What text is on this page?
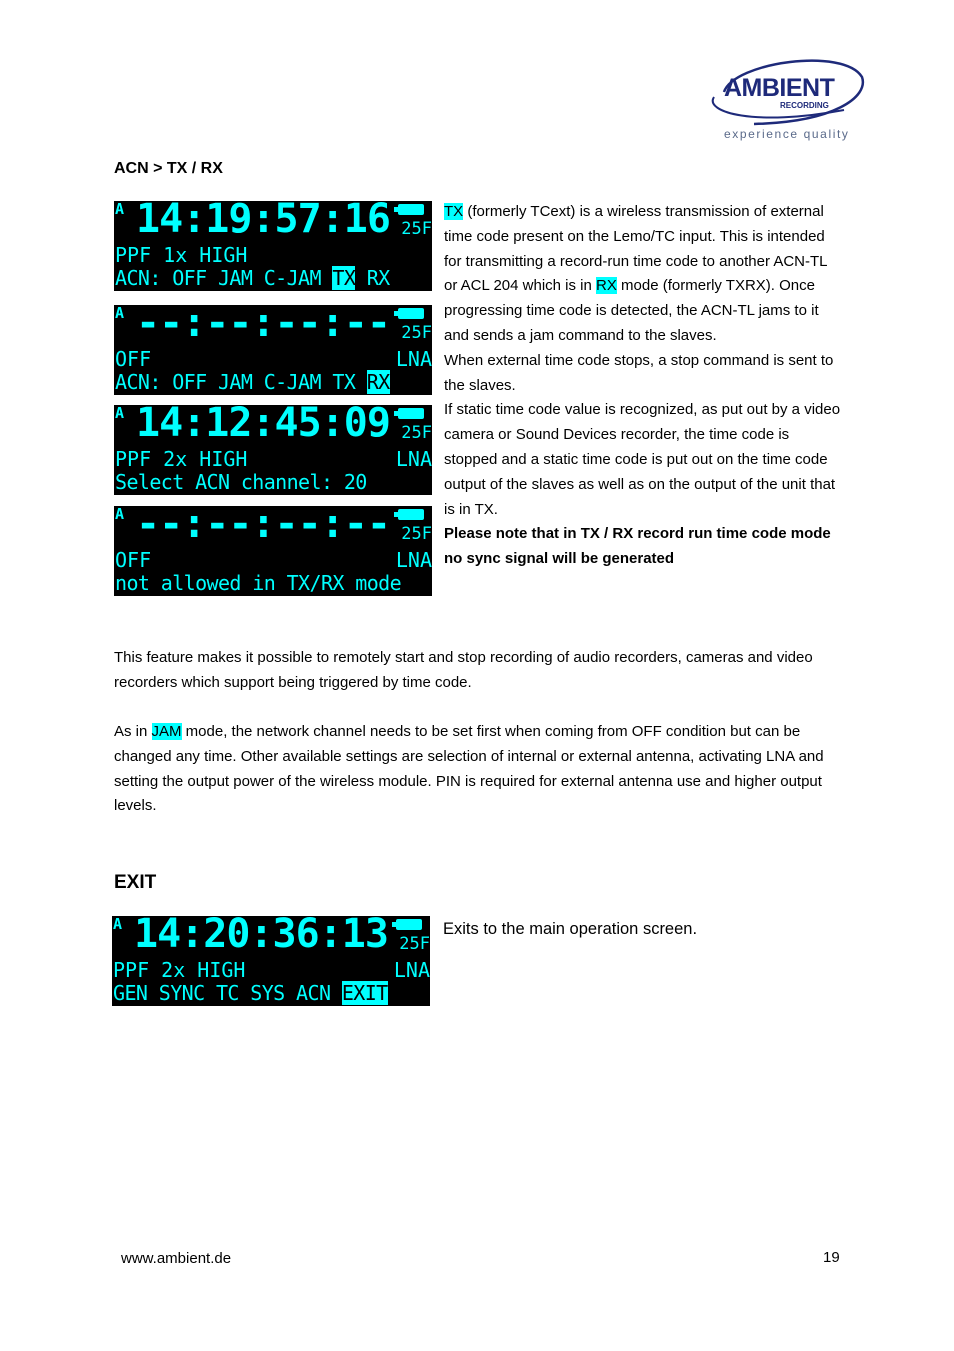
AMBIENT
RECORDING
experience quality
ACN > TX / RX
A 14:19:57:16 25F
PPF 1x HIGH
ACN: OFF JAM C-JAM TX RX
A --:--:--:-- 25F
OFF	LNA
ACN: OFF JAM C-JAM TX RX
A 14:12:45:09 25F
PPF 2x HIGH	LNA
Select ACN channel: 20
A --:--:--:-- 25F
OFF	LNA
not allowed in TX/RX mode

TX (formerly TCext) is a wireless transmission of external time code present on the Lemo/TC input. This is intended for transmitting a record-run time code to another ACN-TL or ACL 204 which is in RX mode (formerly TXRX). Once progressing time code is detected, the ACN-TL jams to it and sends a jam command to the slaves.

When external time code stops, a stop command is sent to the slaves.

If static time code value is recognized, as put out by a video camera or Sound Devices recorder, the time code is stopped and a static time code is put out on the time code output of the slaves as well as on the output of the unit that is in TX.

Please note that in TX / RX record run time code mode no sync signal will be generated

This feature makes it possible to remotely start and stop recording of audio recorders, cameras and video recorders which support being triggered by time code.

As in JAM mode, the network channel needs to be set first when coming from OFF condition but can be changed any time. Other available settings are selection of internal or external antenna, activating LNA and setting the output power of the wireless module. PIN is required for external antenna use and higher output levels.

EXIT
A 14:20:36:13 25F
PPF 2x HIGH	LNA
GEN SYNC TC SYS ACN EXIT
Exits to the main operation screen.
www.ambient.de	19
